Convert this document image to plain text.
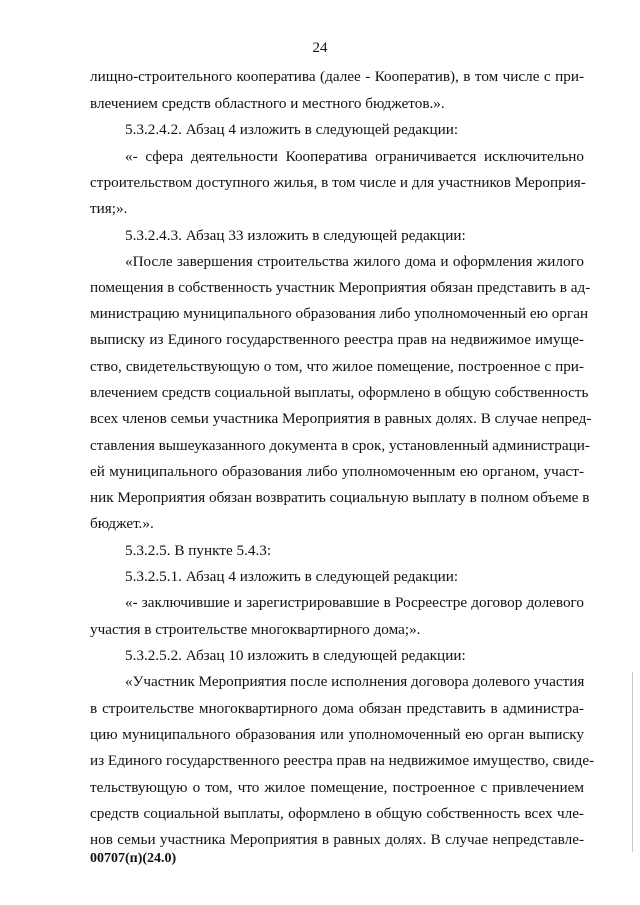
24
лищно-строительного кооператива (далее - Кооператив), в том числе с при-
влечением средств областного и местного бюджетов.».
5.3.2.4.2. Абзац 4 изложить в следующей редакции:
«- сфера деятельности Кооператива ограничивается исключительно
строительством доступного жилья, в том числе и для участников Мероприя-
тия;».
5.3.2.4.3. Абзац 33 изложить в следующей редакции:
«После завершения строительства жилого дома и оформления жилого
помещения в собственность участник Мероприятия обязан представить в ад-
министрацию муниципального образования либо уполномоченный ею орган
выписку из Единого государственного реестра прав на недвижимое имуще-
ство, свидетельствующую о том, что жилое помещение, построенное с при-
влечением средств социальной выплаты, оформлено в общую собственность
всех членов семьи участника Мероприятия в равных долях. В случае непред-
ставления вышеуказанного документа в срок, установленный администраци-
ей муниципального образования либо уполномоченным ею органом, участ-
ник Мероприятия обязан возвратить социальную выплату в полном объеме в
бюджет.».
5.3.2.5. В пункте 5.4.3:
5.3.2.5.1. Абзац 4 изложить в следующей редакции:
«- заключившие и зарегистрировавшие в Росреестре договор долевого
участия в строительстве многоквартирного дома;».
5.3.2.5.2. Абзац 10 изложить в следующей редакции:
«Участник Мероприятия после исполнения договора долевого участия
в строительстве многоквартирного дома обязан представить в администра-
цию муниципального образования или уполномоченный ею орган выписку
из Единого государственного реестра прав на недвижимое имущество, свиде-
тельствующую о том, что жилое помещение, построенное с привлечением
средств социальной выплаты, оформлено в общую собственность всех чле-
нов семьи участника Мероприятия в равных долях. В случае непредставле-
00707(п)(24.0)
